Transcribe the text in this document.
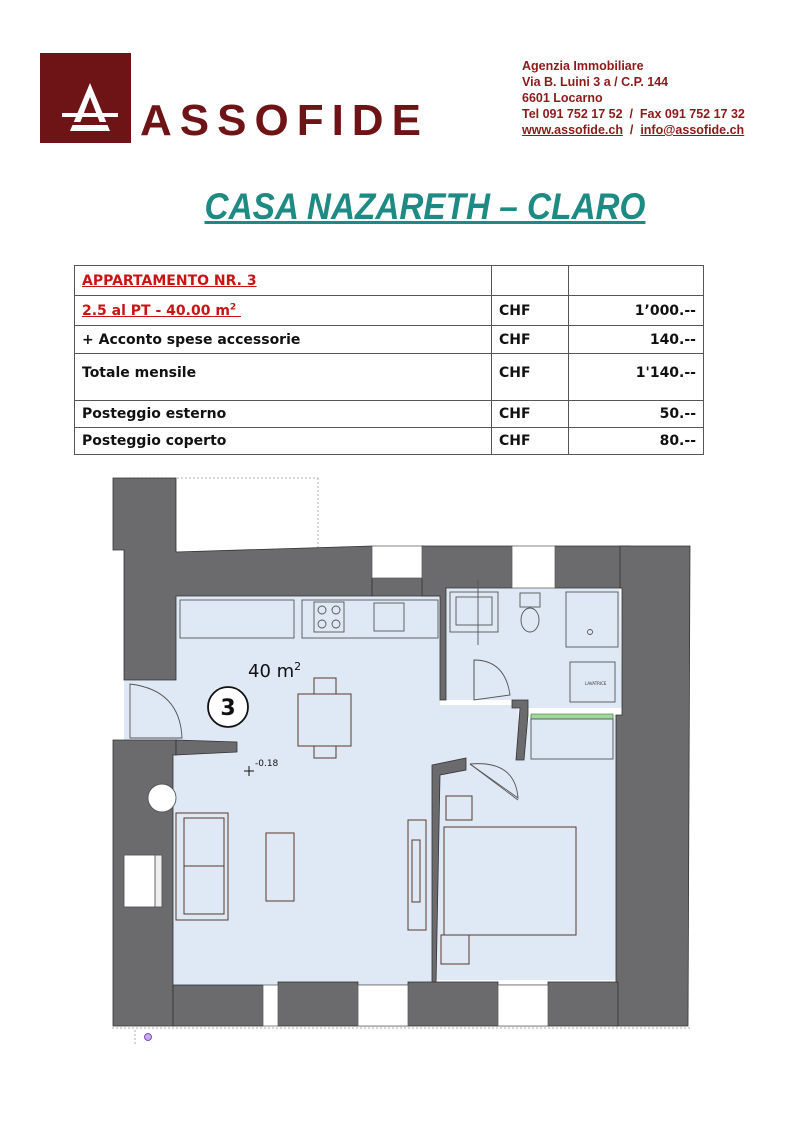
ASSOFIDE
Agenzia Immobiliare
Via B. Luini 3 a / C.P. 144
6601 Locarno
Tel 091 752 17 52  /  Fax 091 752 17 32
www.assofide.ch  /  info@assofide.ch
CASA NAZARETH – CLARO
APPARTAMENTO NR. 3		
2.5 al PT - 40.00 $m^2$	CHF	1’000.--
+ Acconto spese accessorie	CHF	140.--
Totale mensile	CHF	1'140.--
Posteggio esterno	CHF	50.--
Posteggio coperto	CHF	80.--
LAVATRICE
3
40 $m^2$
-0.18
